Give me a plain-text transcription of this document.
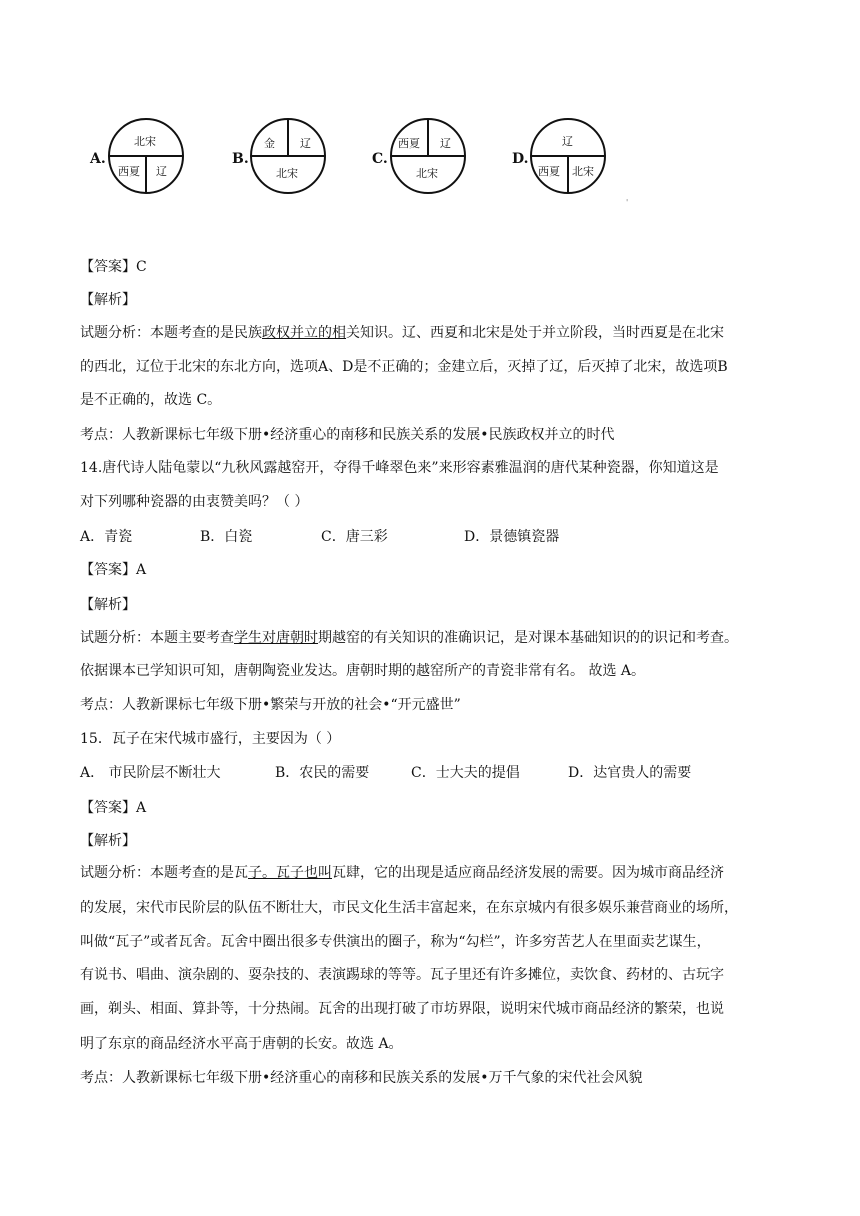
A.
北宋
西夏 辽
B.
金 辽
北宋
C.
西夏 辽
北宋
D.
辽
西夏 北宋
'
【答案】C
【解析】
试题分析：本题考查的是民族政权并立的相关知识。辽、西夏和北宋是处于并立阶段，当时西夏是在北宋
的西北，辽位于北宋的东北方向，选项A、D是不正确的；金建立后，灭掉了辽，后灭掉了北宋，故选项B
是不正确的，故选 C。
考点：人教新课标七年级下册•经济重心的南移和民族关系的发展•民族政权并立的时代
14.唐代诗人陆龟蒙以“九秋风露越窑开，夺得千峰翠色来”来形容素雅温润的唐代某种瓷器，你知道这是
对下列哪种瓷器的由衷赞美吗？（ ）
A．青瓷	B．白瓷	C．唐三彩	D．景德镇瓷器
【答案】A
【解析】
试题分析：本题主要考查学生对唐朝时期越窑的有关知识的准确识记，是对课本基础知识的的识记和考查。
依据课本已学知识可知，唐朝陶瓷业发达。唐朝时期的越窑所产的青瓷非常有名。 故选 A。
考点：人教新课标七年级下册•繁荣与开放的社会•“开元盛世”
15．瓦子在宋代城市盛行，主要因为（ ）
A． 市民阶层不断壮大	B．农民的需要	C．士大夫的提倡	D．达官贵人的需要
【答案】A
【解析】
试题分析：本题考查的是瓦子。瓦子也叫瓦肆，它的出现是适应商品经济发展的需要。因为城市商品经济
的发展，宋代市民阶层的队伍不断壮大，市民文化生活丰富起来，在东京城内有很多娱乐兼营商业的场所，
叫做“瓦子”或者瓦舍。瓦舍中圈出很多专供演出的圈子，称为“勾栏”，许多穷苦艺人在里面卖艺谋生，
有说书、唱曲、演杂剧的、耍杂技的、表演踢球的等等。瓦子里还有许多摊位，卖饮食、药材的、古玩字
画，剃头、相面、算卦等，十分热闹。瓦舍的出现打破了市坊界限，说明宋代城市商品经济的繁荣，也说
明了东京的商品经济水平高于唐朝的长安。故选 A。
考点：人教新课标七年级下册•经济重心的南移和民族关系的发展•万千气象的宋代社会风貌
